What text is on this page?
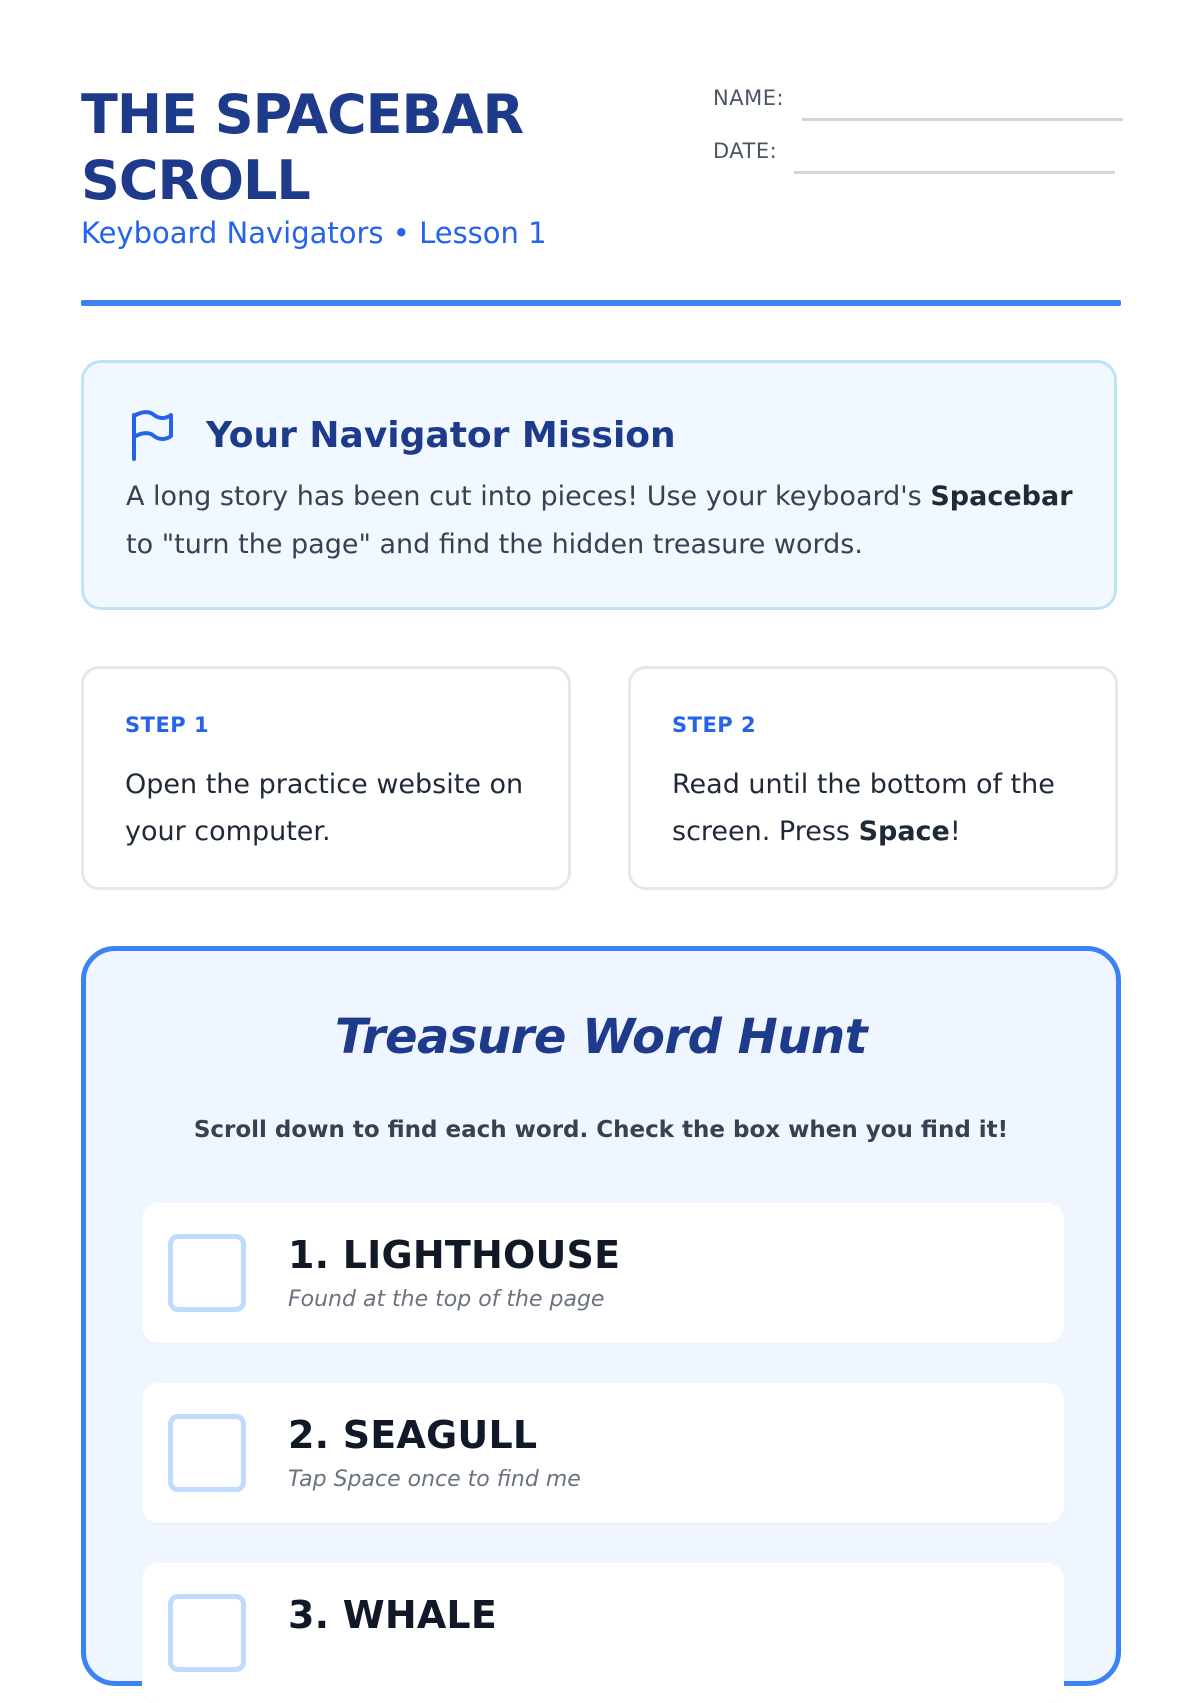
THE SPACEBAR SCROLL
Keyboard Navigators • Lesson 1
NAME:
DATE:
Your Navigator Mission
A long story has been cut into pieces! Use your keyboard's Spacebar to "turn the page" and find the hidden treasure words.
STEP 1
Open the practice website on your computer.
STEP 2
Read until the bottom of the screen. Press Space!
Treasure Word Hunt
Scroll down to find each word. Check the box when you find it!
1. LIGHTHOUSE
Found at the top of the page
2. SEAGULL
Tap Space once to find me
3. WHALE
